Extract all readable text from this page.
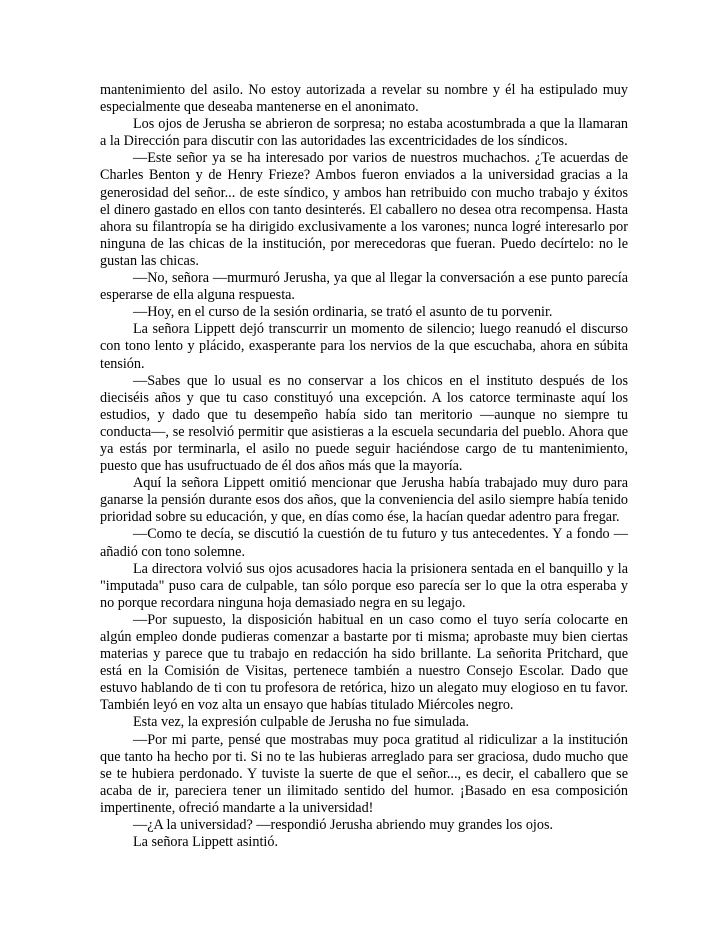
mantenimiento del asilo. No estoy autorizada a revelar su nombre y él ha estipulado muy especialmente que deseaba mantenerse en el anonimato.

Los ojos de Jerusha se abrieron de sorpresa; no estaba acostumbrada a que la llamaran a la Dirección para discutir con las autoridades las excentricidades de los síndicos.

—Este señor ya se ha interesado por varios de nuestros muchachos. ¿Te acuerdas de Charles Benton y de Henry Frieze? Ambos fueron enviados a la universidad gracias a la generosidad del señor... de este síndico, y ambos han retribuido con mucho trabajo y éxitos el dinero gastado en ellos con tanto desinterés. El caballero no desea otra recompensa. Hasta ahora su filantropía se ha dirigido exclusivamente a los varones; nunca logré interesarlo por ninguna de las chicas de la institución, por merecedoras que fueran. Puedo decírtelo: no le gustan las chicas.

—No, señora —murmuró Jerusha, ya que al llegar la conversación a ese punto parecía esperarse de ella alguna respuesta.

—Hoy, en el curso de la sesión ordinaria, se trató el asunto de tu porvenir.

La señora Lippett dejó transcurrir un momento de silencio; luego reanudó el discurso con tono lento y plácido, exasperante para los nervios de la que escuchaba, ahora en súbita tensión.

—Sabes que lo usual es no conservar a los chicos en el instituto después de los dieciséis años y que tu caso constituyó una excepción. A los catorce terminaste aquí los estudios, y dado que tu desempeño había sido tan meritorio —aunque no siempre tu conducta—, se resolvió permitir que asistieras a la escuela secundaria del pueblo. Ahora que ya estás por terminarla, el asilo no puede seguir haciéndose cargo de tu mantenimiento, puesto que has usufructuado de él dos años más que la mayoría.

Aquí la señora Lippett omitió mencionar que Jerusha había trabajado muy duro para ganarse la pensión durante esos dos años, que la conveniencia del asilo siempre había tenido prioridad sobre su educación, y que, en días como ése, la hacían quedar adentro para fregar.

—Como te decía, se discutió la cuestión de tu futuro y tus antecedentes. Y a fondo —añadió con tono solemne.

La directora volvió sus ojos acusadores hacia la prisionera sentada en el banquillo y la "imputada" puso cara de culpable, tan sólo porque eso parecía ser lo que la otra esperaba y no porque recordara ninguna hoja demasiado negra en su legajo.

—Por supuesto, la disposición habitual en un caso como el tuyo sería colocarte en algún empleo donde pudieras comenzar a bastarte por ti misma; aprobaste muy bien ciertas materias y parece que tu trabajo en redacción ha sido brillante. La señorita Pritchard, que está en la Comisión de Visitas, pertenece también a nuestro Consejo Escolar. Dado que estuvo hablando de ti con tu profesora de retórica, hizo un alegato muy elogioso en tu favor. También leyó en voz alta un ensayo que habías titulado Miércoles negro.

Esta vez, la expresión culpable de Jerusha no fue simulada.

—Por mi parte, pensé que mostrabas muy poca gratitud al ridiculizar a la institución que tanto ha hecho por ti. Si no te las hubieras arreglado para ser graciosa, dudo mucho que se te hubiera perdonado. Y tuviste la suerte de que el señor..., es decir, el caballero que se acaba de ir, pareciera tener un ilimitado sentido del humor. ¡Basado en esa composición impertinente, ofreció mandarte a la universidad!

—¿A la universidad? —respondió Jerusha abriendo muy grandes los ojos.

La señora Lippett asintió.
